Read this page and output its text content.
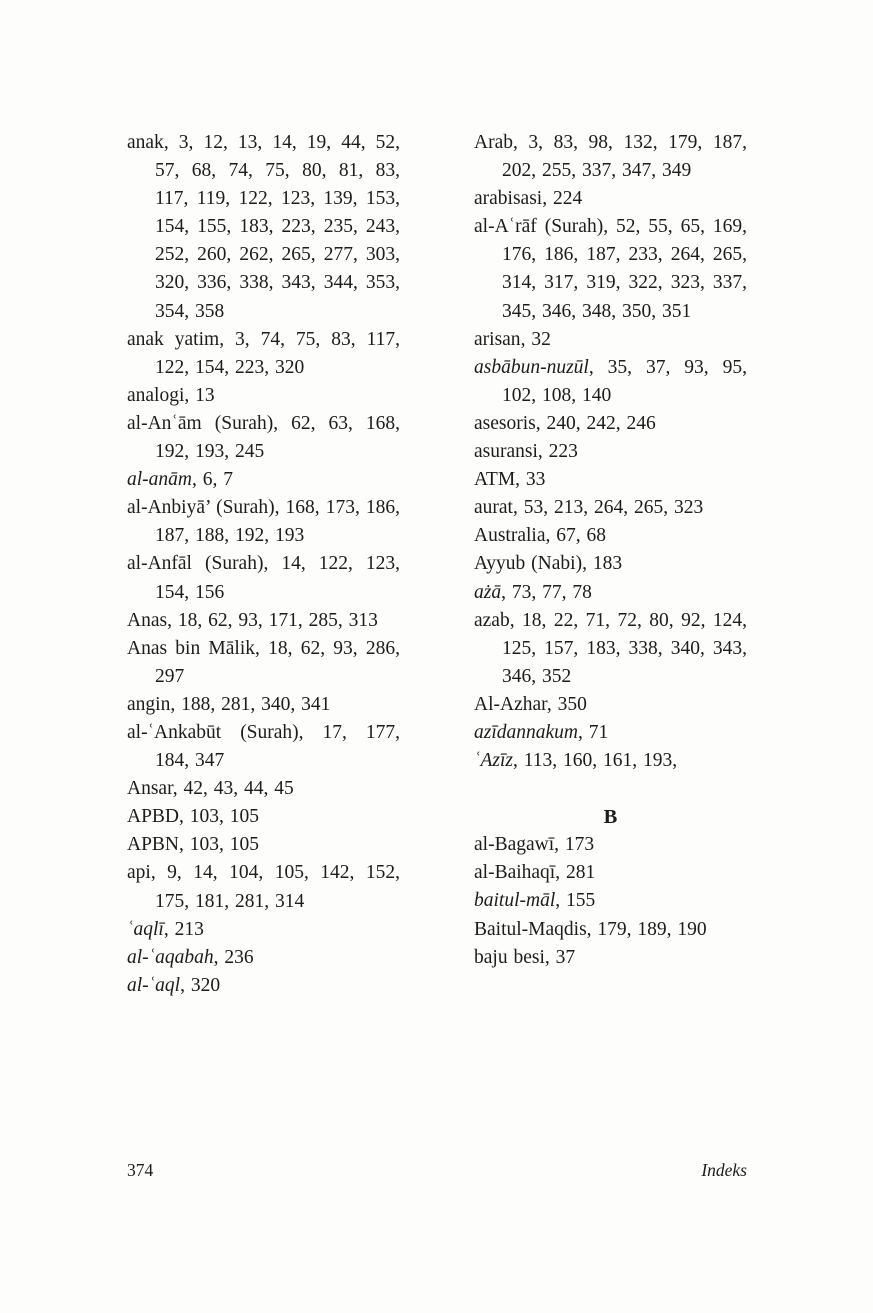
anak, 3, 12, 13, 14, 19, 44, 52, 57, 68, 74, 75, 80, 81, 83, 117, 119, 122, 123, 139, 153, 154, 155, 183, 223, 235, 243, 252, 260, 262, 265, 277, 303, 320, 336, 338, 343, 344, 353, 354, 358
anak yatim, 3, 74, 75, 83, 117, 122, 154, 223, 320
analogi, 13
al-Anʿām (Surah), 62, 63, 168, 192, 193, 245
al-anām, 6, 7
al-Anbiyā’ (Surah), 168, 173, 186, 187, 188, 192, 193
al-Anfāl (Surah), 14, 122, 123, 154, 156
Anas, 18, 62, 93, 171, 285, 313
Anas bin Mālik, 18, 62, 93, 286, 297
angin, 188, 281, 340, 341
al-ʿAnkabūt (Surah), 17, 177, 184, 347
Ansar, 42, 43, 44, 45
APBD, 103, 105
APBN, 103, 105
api, 9, 14, 104, 105, 142, 152, 175, 181, 281, 314
ʿaqlī, 213
al-ʿaqabah, 236
al-ʿaql, 320
Arab, 3, 83, 98, 132, 179, 187, 202, 255, 337, 347, 349
arabisasi, 224
al-Aʿrāf (Surah), 52, 55, 65, 169, 176, 186, 187, 233, 264, 265, 314, 317, 319, 322, 323, 337, 345, 346, 348, 350, 351
arisan, 32
asbābun-nuzūl, 35, 37, 93, 95, 102, 108, 140
asesoris, 240, 242, 246
asuransi, 223
ATM, 33
aurat, 53, 213, 264, 265, 323
Australia, 67, 68
Ayyub (Nabi), 183
ażā, 73, 77, 78
azab, 18, 22, 71, 72, 80, 92, 124, 125, 157, 183, 338, 340, 343, 346, 352
Al-Azhar, 350
azīdannakum, 71
ʿAzīz, 113, 160, 161, 193,
B
al-Bagawī, 173
al-Baihaqī, 281
baitul-māl, 155
Baitul-Maqdis, 179, 189, 190
baju besi, 37
374	Indeks
